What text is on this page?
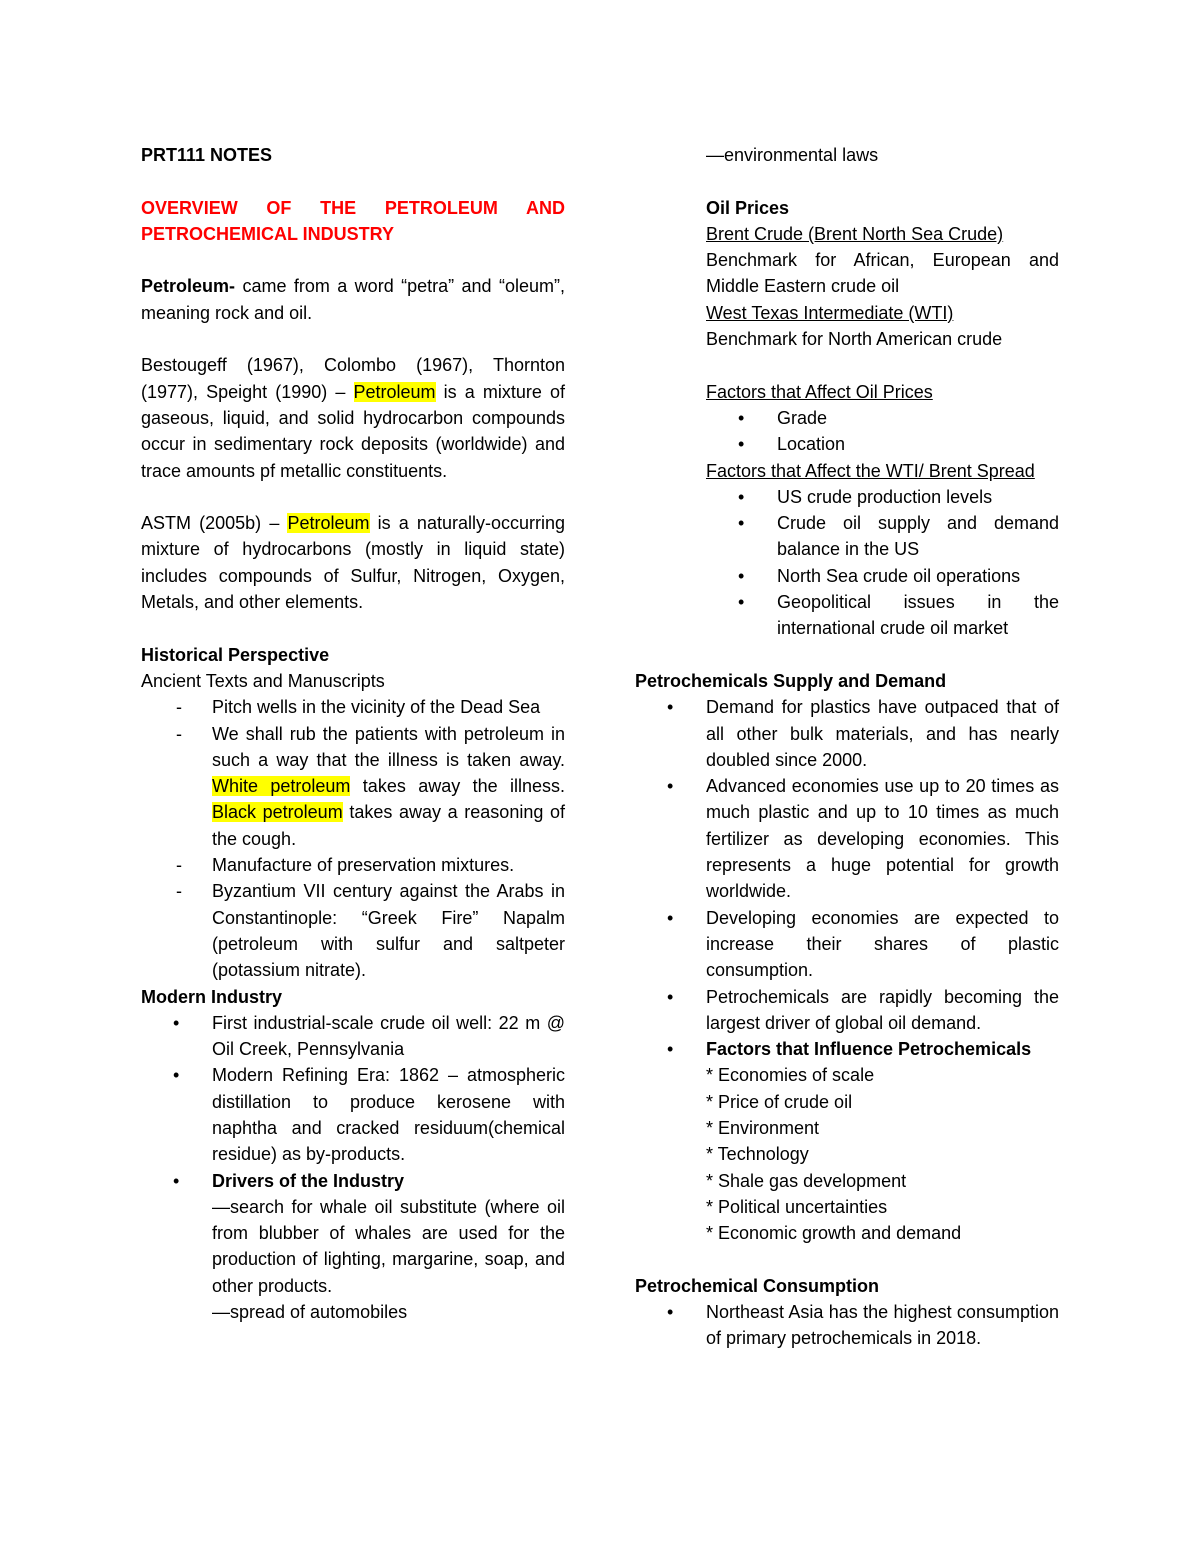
PRT111 NOTES

OVERVIEW OF THE PETROLEUM AND PETROCHEMICAL INDUSTRY

Petroleum- came from a word “petra” and “oleum”, meaning rock and oil.

Bestougeff (1967), Colombo (1967), Thornton (1977), Speight (1990) – Petroleum is a mixture of gaseous, liquid, and solid hydrocarbon compounds occur in sedimentary rock deposits (worldwide) and trace amounts pf metallic constituents.

ASTM (2005b) – Petroleum is a naturally-occurring mixture of hydrocarbons (mostly in liquid state) includes compounds of Sulfur, Nitrogen, Oxygen, Metals, and other elements.

Historical Perspective

Ancient Texts and Manuscripts

- Pitch wells in the vicinity of the Dead Sea
- We shall rub the patients with petroleum in such a way that the illness is taken away. White petroleum takes away the illness. Black petroleum takes away a reasoning of the cough.
- Manufacture of preservation mixtures.
- Byzantium VII century against the Arabs in Constantinople: “Greek Fire” Napalm (petroleum with sulfur and saltpeter (potassium nitrate).

Modern Industry

• First industrial-scale crude oil well: 22 m @ Oil Creek, Pennsylvania
• Modern Refining Era: 1862 – atmospheric distillation to produce kerosene with naphtha and cracked residuum(chemical residue) as by-products.
• Drivers of the Industry

—search for whale oil substitute (where oil from blubber of whales are used for the production of lighting, margarine, soap, and other products.

—spread of automobiles

—environmental laws

Oil Prices

Brent Crude (Brent North Sea Crude)

Benchmark for African, European and Middle Eastern crude oil

West Texas Intermediate (WTI)

Benchmark for North American crude

Factors that Affect Oil Prices

• Grade
• Location

Factors that Affect the WTI/ Brent Spread

• US crude production levels
• Crude oil supply and demand balance in the US
• North Sea crude oil operations
• Geopolitical issues in the international crude oil market

Petrochemicals Supply and Demand

• Demand for plastics have outpaced that of all other bulk materials, and has nearly doubled since 2000.
• Advanced economies use up to 20 times as much plastic and up to 10 times as much fertilizer as developing economies. This represents a huge potential for growth worldwide.
• Developing economies are expected to increase their shares of plastic consumption.
• Petrochemicals are rapidly becoming the largest driver of global oil demand.
• Factors that Influence Petrochemicals

* Economies of scale

* Price of crude oil

* Environment

* Technology

* Shale gas development

* Political uncertainties

* Economic growth and demand

Petrochemical Consumption

• Northeast Asia has the highest consumption of primary petrochemicals in 2018.
